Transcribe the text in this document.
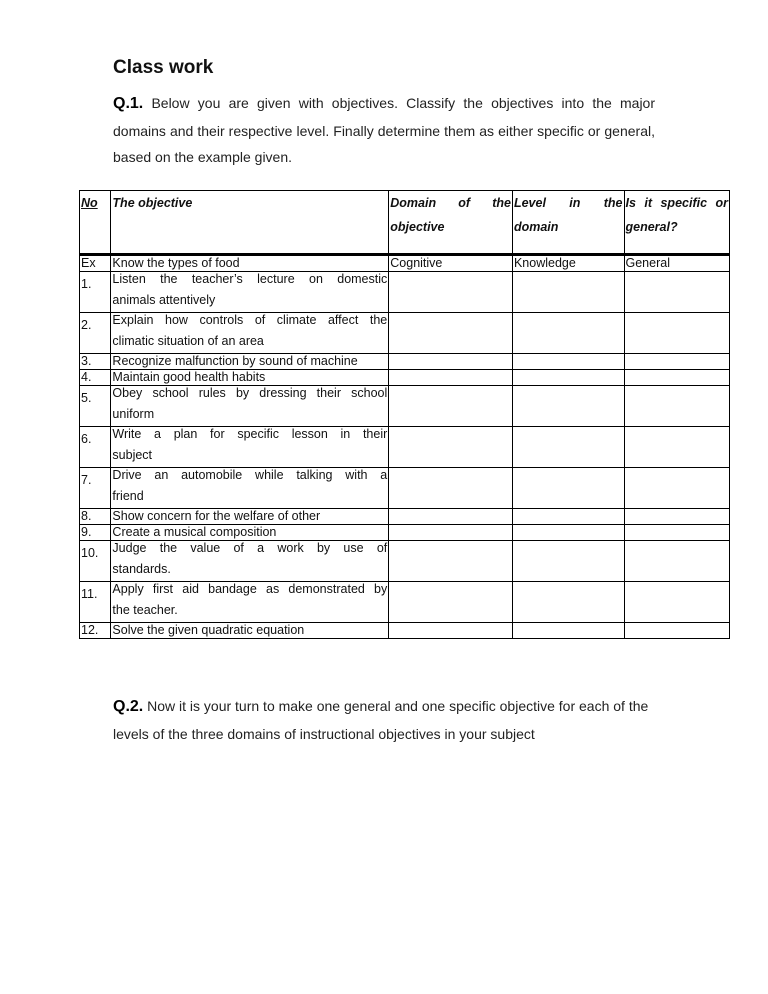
Class work
Q.1. Below you are given with objectives. Classify the objectives into the major domains and their respective level. Finally determine them as either specific or general, based on the example given.
No	The objective	Domain of the objective	Level in the domain	Is it specific or general?
Ex	Know the types of food	Cognitive	Knowledge	General
1.	Listen the teacher’s lecture on domestic
animals attentively			

2.	Explain how controls of climate affect the
climatic situation of an area			

3.	Recognize malfunction by sound of machine			
4.	Maintain good health habits			
5.	Obey school rules by dressing their school
uniform			

6.	Write a plan for specific lesson in their
subject			

7.	Drive an automobile while talking with a
friend			

8.	Show concern for the welfare of other			
9.	Create a musical composition			
10.	Judge the value of a work by use of
standards.			

11.	Apply first aid bandage as demonstrated by
the teacher.			

12.	Solve the given quadratic equation			
Q.2. Now it is your turn to make one general and one specific objective for each of the levels of the three domains of instructional objectives in your subject
